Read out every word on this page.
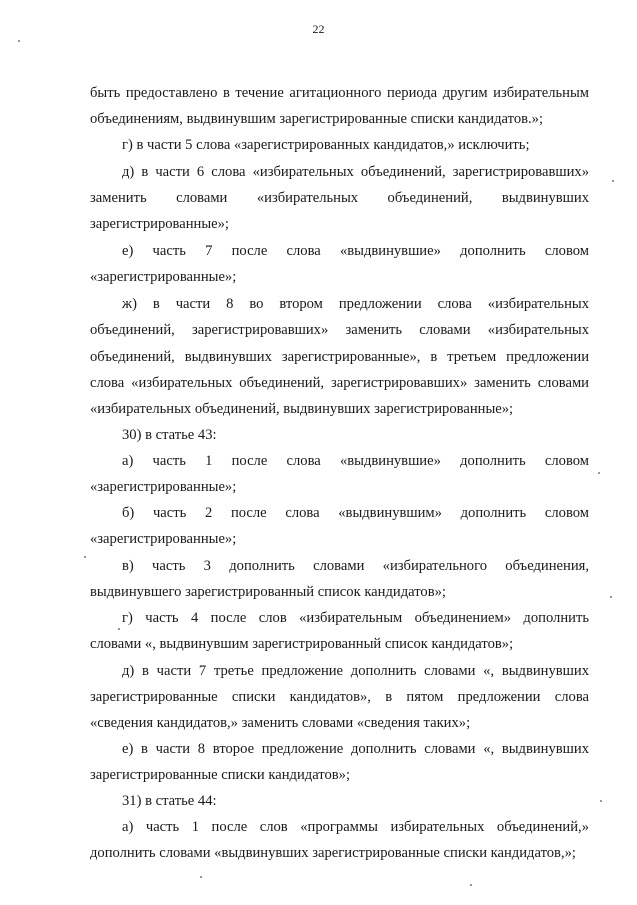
22
быть предоставлено в течение агитационного периода другим избирательным
объединениям, выдвинувшим зарегистрированные списки кандидатов.»;
г) в части 5 слова «зарегистрированных кандидатов,» исключить;
д) в части 6 слова «избирательных объединений, зарегистрировавших»
заменить словами «избирательных объединений, выдвинувших
зарегистрированные»;
е) часть 7 после слова «выдвинувшие» дополнить словом
«зарегистрированные»;
ж) в части 8 во втором предложении слова «избирательных
объединений, зарегистрировавших» заменить словами «избирательных
объединений, выдвинувших зарегистрированные», в третьем предложении
слова «избирательных объединений, зарегистрировавших» заменить словами
«избирательных объединений, выдвинувших зарегистрированные»;
30) в статье 43:
а) часть 1 после слова «выдвинувшие» дополнить словом
«зарегистрированные»;
б) часть 2 после слова «выдвинувшим» дополнить словом
«зарегистрированные»;
в) часть 3 дополнить словами «избирательного объединения,
выдвинувшего зарегистрированный список кандидатов»;
г) часть 4 после слов «избирательным объединением» дополнить
словами «, выдвинувшим зарегистрированный список кандидатов»;
д) в части 7 третье предложение дополнить словами «, выдвинувших
зарегистрированные списки кандидатов», в пятом предложении слова
«сведения кандидатов,» заменить словами «сведения таких»;
е) в части 8 второе предложение дополнить словами «, выдвинувших
зарегистрированные списки кандидатов»;
31) в статье 44:
а) часть 1 после слов «программы избирательных объединений,»
дополнить словами «выдвинувших зарегистрированные списки кандидатов,»;
